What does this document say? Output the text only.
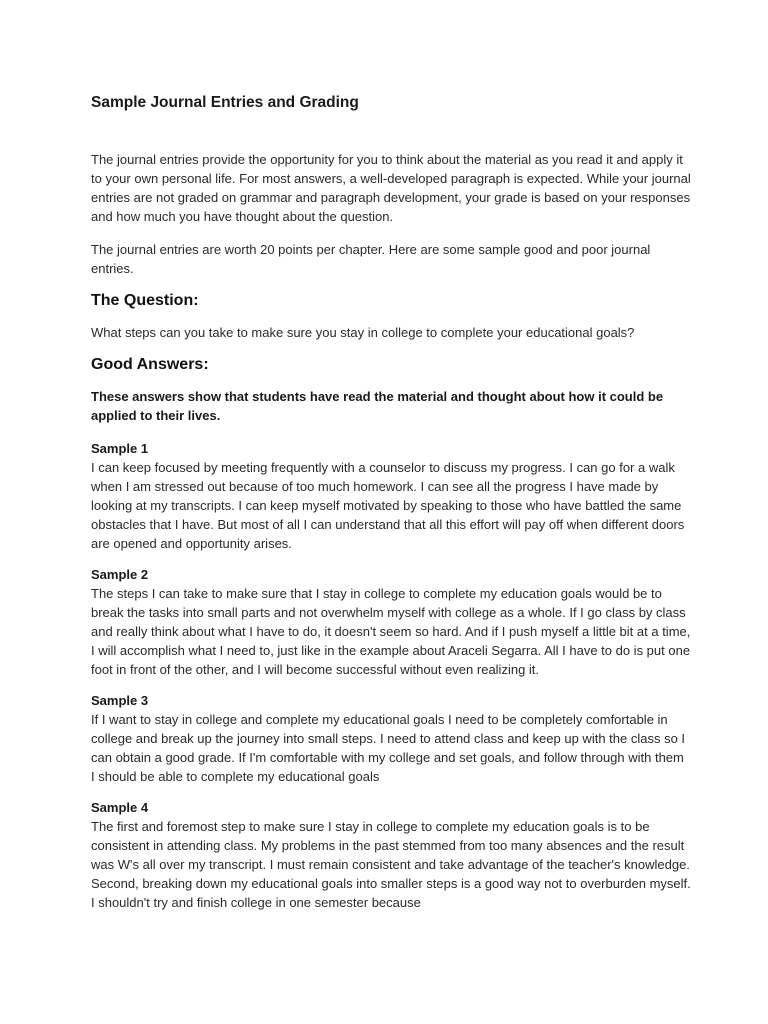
Sample Journal Entries and Grading

The journal entries provide the opportunity for you to think about the material as you read it and apply it to your own personal life. For most answers, a well-developed paragraph is expected. While your journal entries are not graded on grammar and paragraph development, your grade is based on your responses and how much you have thought about the question.

The journal entries are worth 20 points per chapter. Here are some sample good and poor journal entries.

The Question:

What steps can you take to make sure you stay in college to complete your educational goals?

Good Answers:

These answers show that students have read the material and thought about how it could be applied to their lives.

Sample 1

I can keep focused by meeting frequently with a counselor to discuss my progress. I can go for a walk when I am stressed out because of too much homework. I can see all the progress I have made by looking at my transcripts. I can keep myself motivated by speaking to those who have battled the same obstacles that I have. But most of all I can understand that all this effort will pay off when different doors are opened and opportunity arises.

Sample 2

The steps I can take to make sure that I stay in college to complete my education goals would be to break the tasks into small parts and not overwhelm myself with college as a whole. If I go class by class and really think about what I have to do, it doesn't seem so hard. And if I push myself a little bit at a time, I will accomplish what I need to, just like in the example about Araceli Segarra. All I have to do is put one foot in front of the other, and I will become successful without even realizing it.

Sample 3

If I want to stay in college and complete my educational goals I need to be completely comfortable in college and break up the journey into small steps. I need to attend class and keep up with the class so I can obtain a good grade. If I'm comfortable with my college and set goals, and follow through with them I should be able to complete my educational goals

Sample 4

The first and foremost step to make sure I stay in college to complete my education goals is to be consistent in attending class. My problems in the past stemmed from too many absences and the result was W's all over my transcript. I must remain consistent and take advantage of the teacher's knowledge. Second, breaking down my educational goals into smaller steps is a good way not to overburden myself. I shouldn't try and finish college in one semester because
